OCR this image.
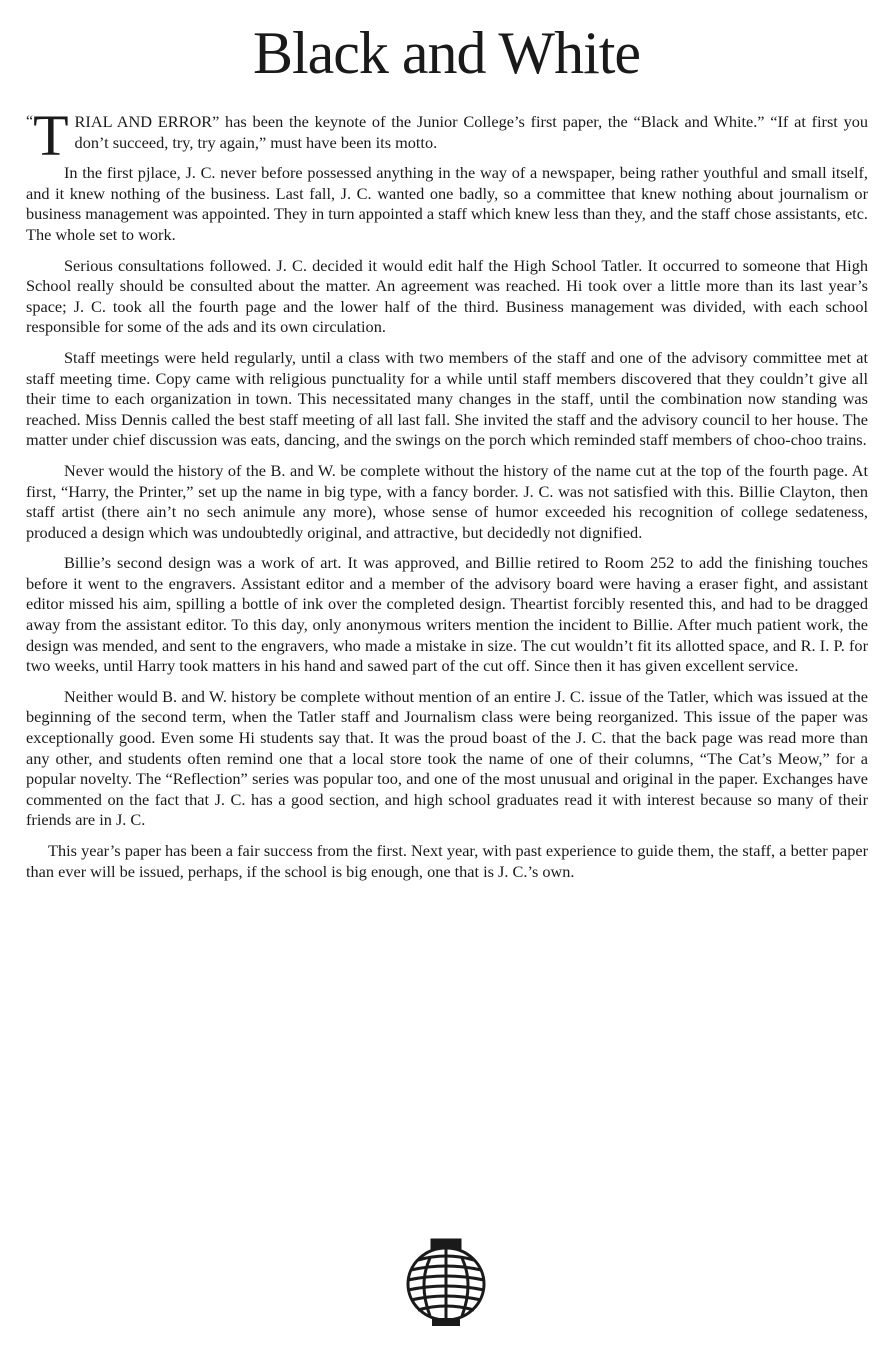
Black and White

“ T RIAL AND ERROR” has been the keynote of the Junior College’s first paper, the “Black and White.” “If at first you don’t succeed, try, try again,” must have been its motto.

In the first pjlace, J. C. never before possessed anything in the way of a newspaper, being rather youthful and small itself, and it knew nothing of the business. Last fall, J. C. wanted one badly, so a committee that knew nothing about journalism or business management was appointed. They in turn appointed a staff which knew less than they, and the staff chose assistants, etc. The whole set to work.

Serious consultations followed. J. C. decided it would edit half the High School Tatler. It occurred to someone that High School really should be consulted about the matter. An agreement was reached. Hi took over a little more than its last year’s space; J. C. took all the fourth page and the lower half of the third. Business management was divided, with each school responsible for some of the ads and its own circulation.

Staff meetings were held regularly, until a class with two members of the staff and one of the advisory committee met at staff meeting time. Copy came with religious punctuality for a while until staff members discovered that they couldn’t give all their time to each organization in town. This necessitated many changes in the staff, until the combination now standing was reached. Miss Dennis called the best staff meeting of all last fall. She invited the staff and the advisory council to her house. The matter under chief discussion was eats, dancing, and the swings on the porch which reminded staff members of choo-choo trains.

Never would the history of the B. and W. be complete without the history of the name cut at the top of the fourth page. At first, “Harry, the Printer,” set up the name in big type, with a fancy border. J. C. was not satisfied with this. Billie Clayton, then staff artist (there ain’t no sech animule any more), whose sense of humor exceeded his recognition of college sedateness, produced a design which was undoubtedly original, and attractive, but decidedly not dignified.

Billie’s second design was a work of art. It was approved, and Billie retired to Room 252 to add the finishing touches before it went to the engravers. Assistant editor and a member of the advisory board were having a eraser fight, and assistant editor missed his aim, spilling a bottle of ink over the completed design. Theartist forcibly resented this, and had to be dragged away from the assistant editor. To this day, only anonymous writers mention the incident to Billie. After much patient work, the design was mended, and sent to the engravers, who made a mistake in size. The cut wouldn’t fit its allotted space, and R. I. P. for two weeks, until Harry took matters in his hand and sawed part of the cut off. Since then it has given excellent service.

Neither would B. and W. history be complete without mention of an entire J. C. issue of the Tatler, which was issued at the beginning of the second term, when the Tatler staff and Journalism class were being reorganized. This issue of the paper was exceptionally good. Even some Hi students say that. It was the proud boast of the J. C. that the back page was read more than any other, and students often remind one that a local store took the name of one of their columns, “The Cat’s Meow,” for a popular novelty. The “Reflection” series was popular too, and one of the most unusual and original in the paper. Exchanges have commented on the fact that J. C. has a good section, and high school graduates read it with interest because so many of their friends are in J. C.

This year’s paper has been a fair success from the first. Next year, with past experience to guide them, the staff, a better paper than ever will be issued, perhaps, if the school is big enough, one that is J. C.’s own.
